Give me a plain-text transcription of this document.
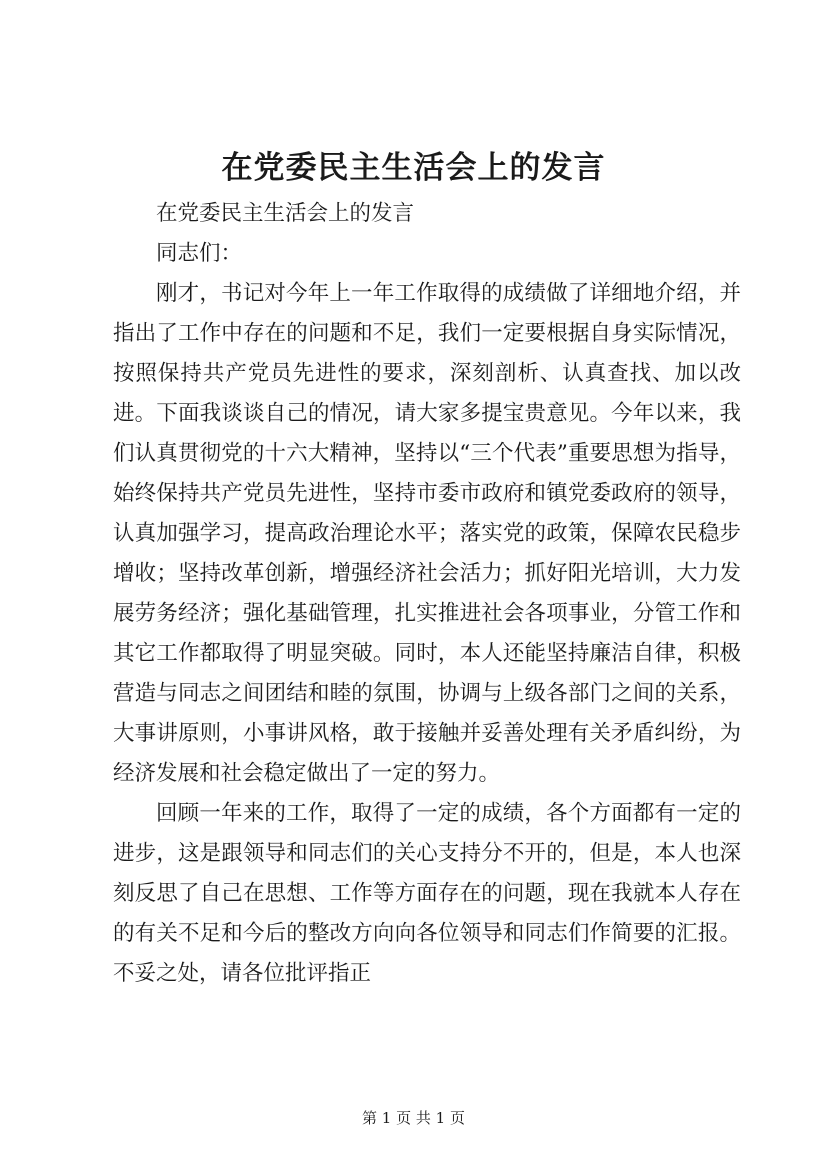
在党委民主生活会上的发言

在党委民主生活会上的发言

同志们：

刚才，书记对今年上一年工作取得的成绩做了详细地介绍，并指出了工作中存在的问题和不足，我们一定要根据自身实际情况，按照保持共产党员先进性的要求，深刻剖析、认真查找、加以改进。下面我谈谈自己的情况，请大家多提宝贵意见。今年以来，我们认真贯彻党的十六大精神，坚持以“三个代表”重要思想为指导，始终保持共产党员先进性，坚持市委市政府和镇党委政府的领导，认真加强学习，提高政治理论水平；落实党的政策，保障农民稳步增收；坚持改革创新，增强经济社会活力；抓好阳光培训，大力发展劳务经济；强化基础管理，扎实推进社会各项事业，分管工作和其它工作都取得了明显突破。同时，本人还能坚持廉洁自律，积极营造与同志之间团结和睦的氛围，协调与上级各部门之间的关系，大事讲原则，小事讲风格，敢于接触并妥善处理有关矛盾纠纷，为经济发展和社会稳定做出了一定的努力。

回顾一年来的工作，取得了一定的成绩，各个方面都有一定的进步，这是跟领导和同志们的关心支持分不开的，但是，本人也深刻反思了自己在思想、工作等方面存在的问题，现在我就本人存在的有关不足和今后的整改方向向各位领导和同志们作简要的汇报。不妥之处，请各位批评指正

第 1 页 共 1 页
